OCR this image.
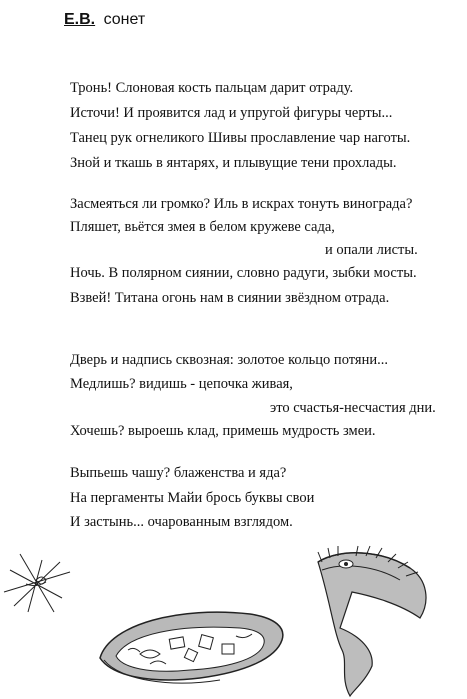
Е.В. сонет
Тронь! Слоновая кость пальцам дарит отраду.
Источи! И проявится лад и упругой фигуры черты...
Танец рук огнеликого Шивы прославление чар наготы.
Зной и ткашь в янтарях, и плывущие тени прохлады.
Засмеяться ли громко? Иль в искрах тонуть винограда?
Пляшет, вьётся змея в белом кружеве сада,
и опали листы.
Ночь. В полярном сиянии, словно радуги, зыбки мосты.
Взвей! Титана огонь нам в сиянии звёздном отрада.
Дверь и надпись сквозная: золотое кольцо потяни...
Медлишь? видишь - цепочка живая,
это счастья-несчастия дни.
Хочешь? выроешь клад, примешь мудрость змеи.
Выпьешь чашу? блаженства и яда?
На пергаменты Майи брось буквы свои
И застынь... очарованным взглядом.
